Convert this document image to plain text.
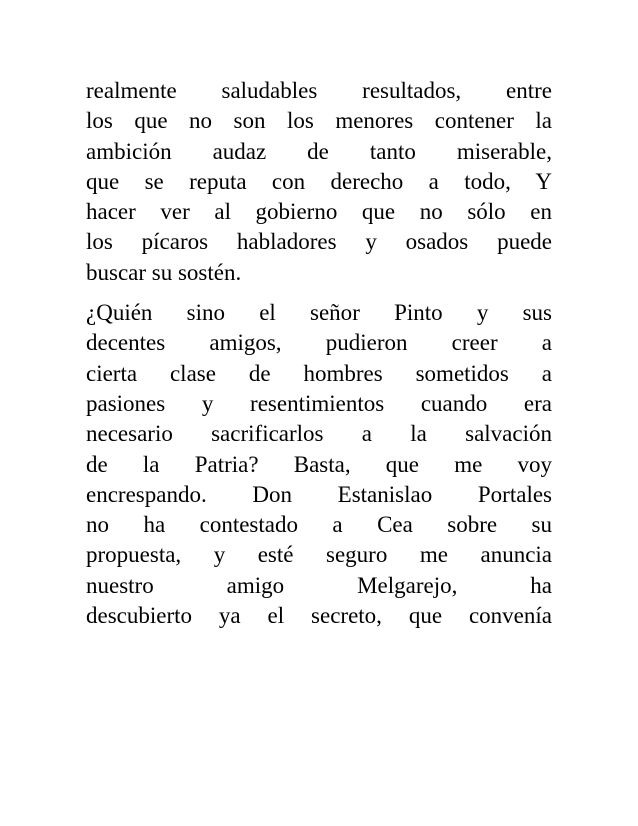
realmente saludables resultados, entre
los que no son los menores contener la
ambición audaz de tanto miserable,
que se reputa con derecho a todo, Y
hacer ver al gobierno que no sólo en
los pícaros habladores y osados puede
buscar su sostén.
¿Quién sino el señor Pinto y sus
decentes amigos, pudieron creer a
cierta clase de hombres sometidos a
pasiones y resentimientos cuando era
necesario sacrificarlos a la salvación
de la Patria? Basta, que me voy
encrespando. Don Estanislao Portales
no ha contestado a Cea sobre su
propuesta, y esté seguro me anuncia
nuestro amigo Melgarejo, ha
descubierto ya el secreto, que convenía
